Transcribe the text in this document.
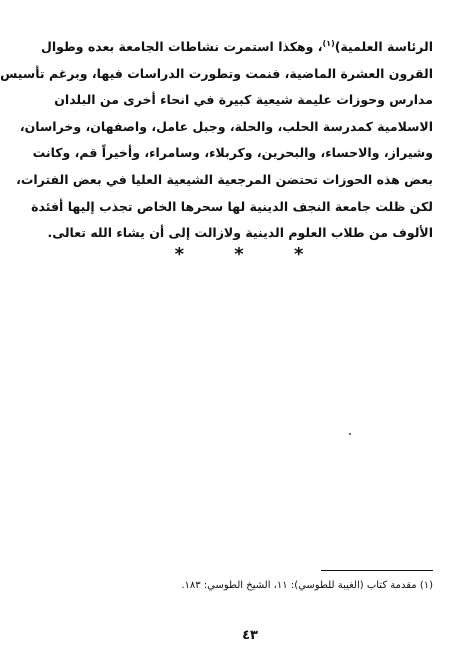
الرئاسة العلمية)$^{(١)}$، وهكذا استمرت نشاطات الجامعة بعده وطوال
القرون العشرة الماضية، فنمت وتطورت الدراسات فيها، وبرغم تأسيس
مدارس وحوزات عليمة شيعية كبيرة في انحاء أخرى من البلدان
الاسلامية كمدرسة الحلب، والحلة، وجبل عامل، واصفهان، وخراسان،
وشيراز، والاحساء، والبحرين، وكربلاء، وسامراء، وأخيراً قم، وكانت
بعض هذه الحوزات تحتضن المرجعية الشيعية العليا في بعض الفترات،
لكن ظلت جامعة النجف الدينية لها سحرها الخاص تجذب إليها أفئدة
الألوف من طلاب العلوم الدينية ولازالت إلى أن يشاء الله تعالى.
* * *
(١) مقدمة كتاب (الغيبة للطوسي): ١١، الشيخ الطوسي: ١٨٣.
٤٣
